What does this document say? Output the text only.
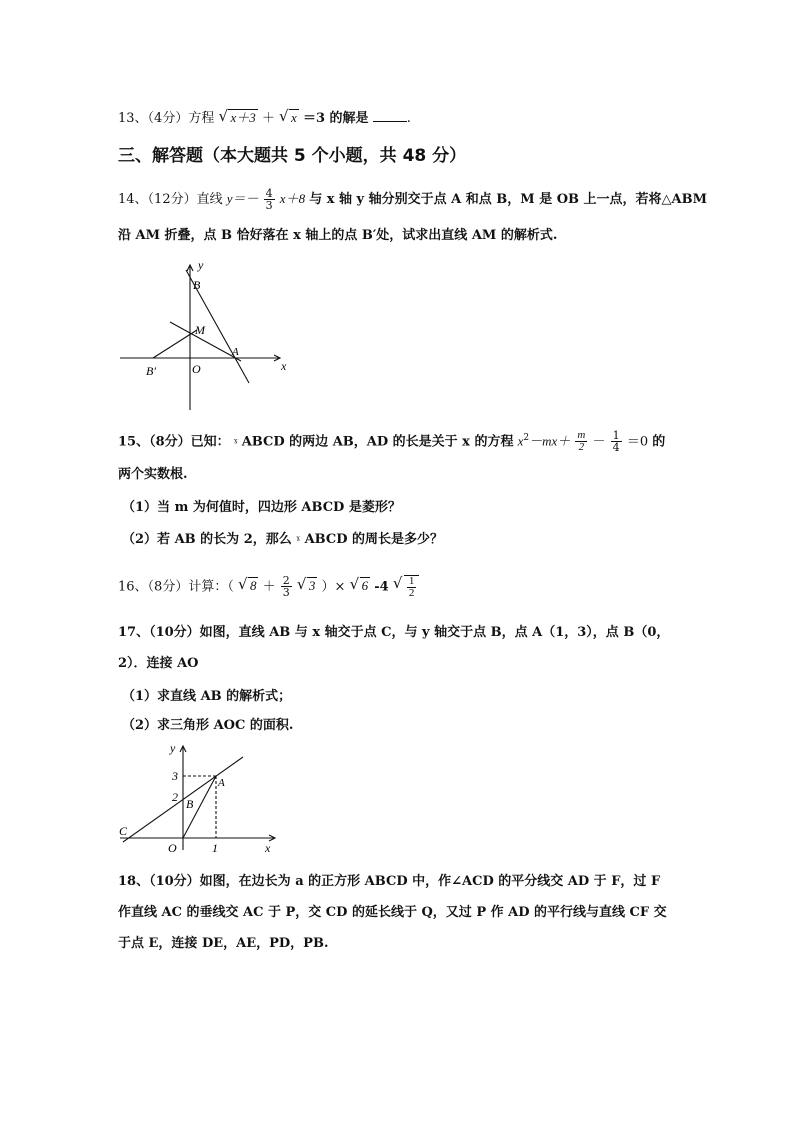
13、（4分）方程 √ x＋3 ＋ √ x ＝3 的解是	.
三、解答题（本大题共 5 个小题，共 48 分）
14、（12分）直线 $y=- \frac{4}{3} x+8$ 与 x 轴 y 轴分别交于点 A 和点 B，M 是 OB 上一点，若将△ABM
沿 AM 折叠，点 B 恰好落在 x 轴上的点 B′处，试求出直线 AM 的解析式.
y
B
M
A
B′	O	x
15、（8分）已知： ˠ ABCD 的两边 AB，AD 的长是关于 x 的方程 $x^2-mx+ \frac{m}{2} - \frac{1}{4} =0$ 的
两个实数根.
（1）当 m 为何值时，四边形 ABCD 是菱形？
（2）若 AB 的长为 2，那么 ˠ ABCD 的周长是多少？
16、（8分）计算：（ √ $8 + \frac{2}{3}$ √ 3 ）× √ 6 -4 √ $\frac{1}{2}$
17、（10分）如图，直线 AB 与 x 轴交于点 C，与 y 轴交于点 B，点 A（1，3），点 B（0，
2）．连接 AO
（1）求直线 AB 的解析式；
（2）求三角形 AOC 的面积.
y
3
2
A
B
C
O	1	x
18、（10分）如图，在边长为 a 的正方形 ABCD 中，作∠ACD 的平分线交 AD 于 F，过 F
作直线 AC 的垂线交 AC 于 P，交 CD 的延长线于 Q，又过 P 作 AD 的平行线与直线 CF 交
于点 E，连接 DE，AE，PD，PB.
